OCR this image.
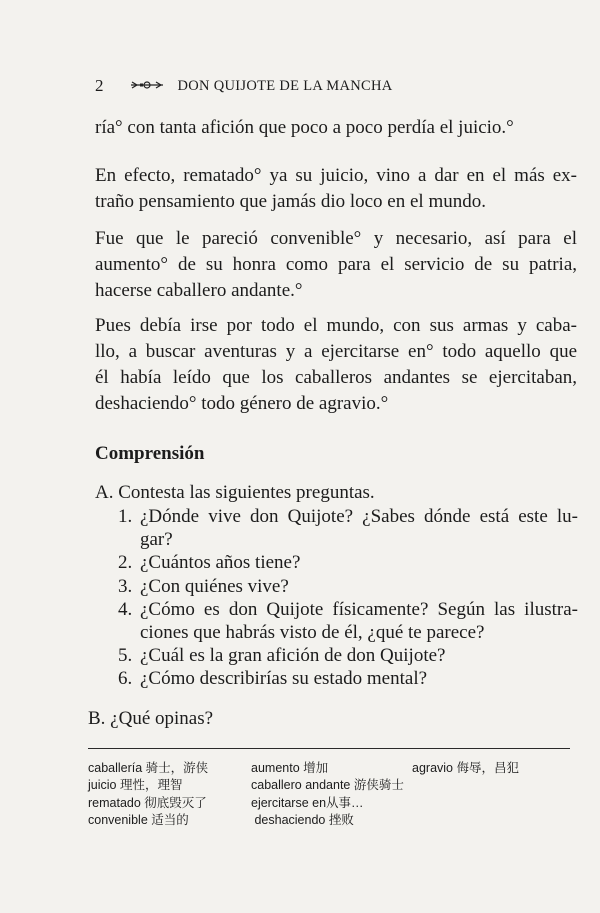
2	DON QUIJOTE DE LA MANCHA

ría° con tanta afición que poco a poco perdía el juicio.°

En efecto, rematado° ya su juicio, vino a dar en el más ex-
traño pensamiento que jamás dio loco en el mundo.

Fue que le pareció convenible° y necesario, así para el
aumento° de su honra como para el servicio de su patria,
hacerse caballero andante.°

Pues debía irse por todo el mundo, con sus armas y caba-
llo, a buscar aventuras y a ejercitarse en° todo aquello que
él había leído que los caballeros andantes se ejercitaban,
deshaciendo° todo género de agravio.°

Comprensión
A. Contesta las siguientes preguntas.
1. ¿Dónde vive don Quijote? ¿Sabes dónde está este lu-
gar?
2. ¿Cuántos años tiene?
3. ¿Con quiénes vive?
4. ¿Cómo es don Quijote físicamente? Según las ilustra-
ciones que habrás visto de él, ¿qué te parece?
5. ¿Cuál es la gran afición de don Quijote?
6. ¿Cómo describirías su estado mental?
B. ¿Qué opinas?
caballería 骑士，游侠
juicio 理性，理智
rematado 彻底毁灭了
convenible 适当的
aumento 增加
caballero andante 游侠骑士
ejercitarse en从事…
deshaciendo 挫败
agravio 侮辱，昌犯
